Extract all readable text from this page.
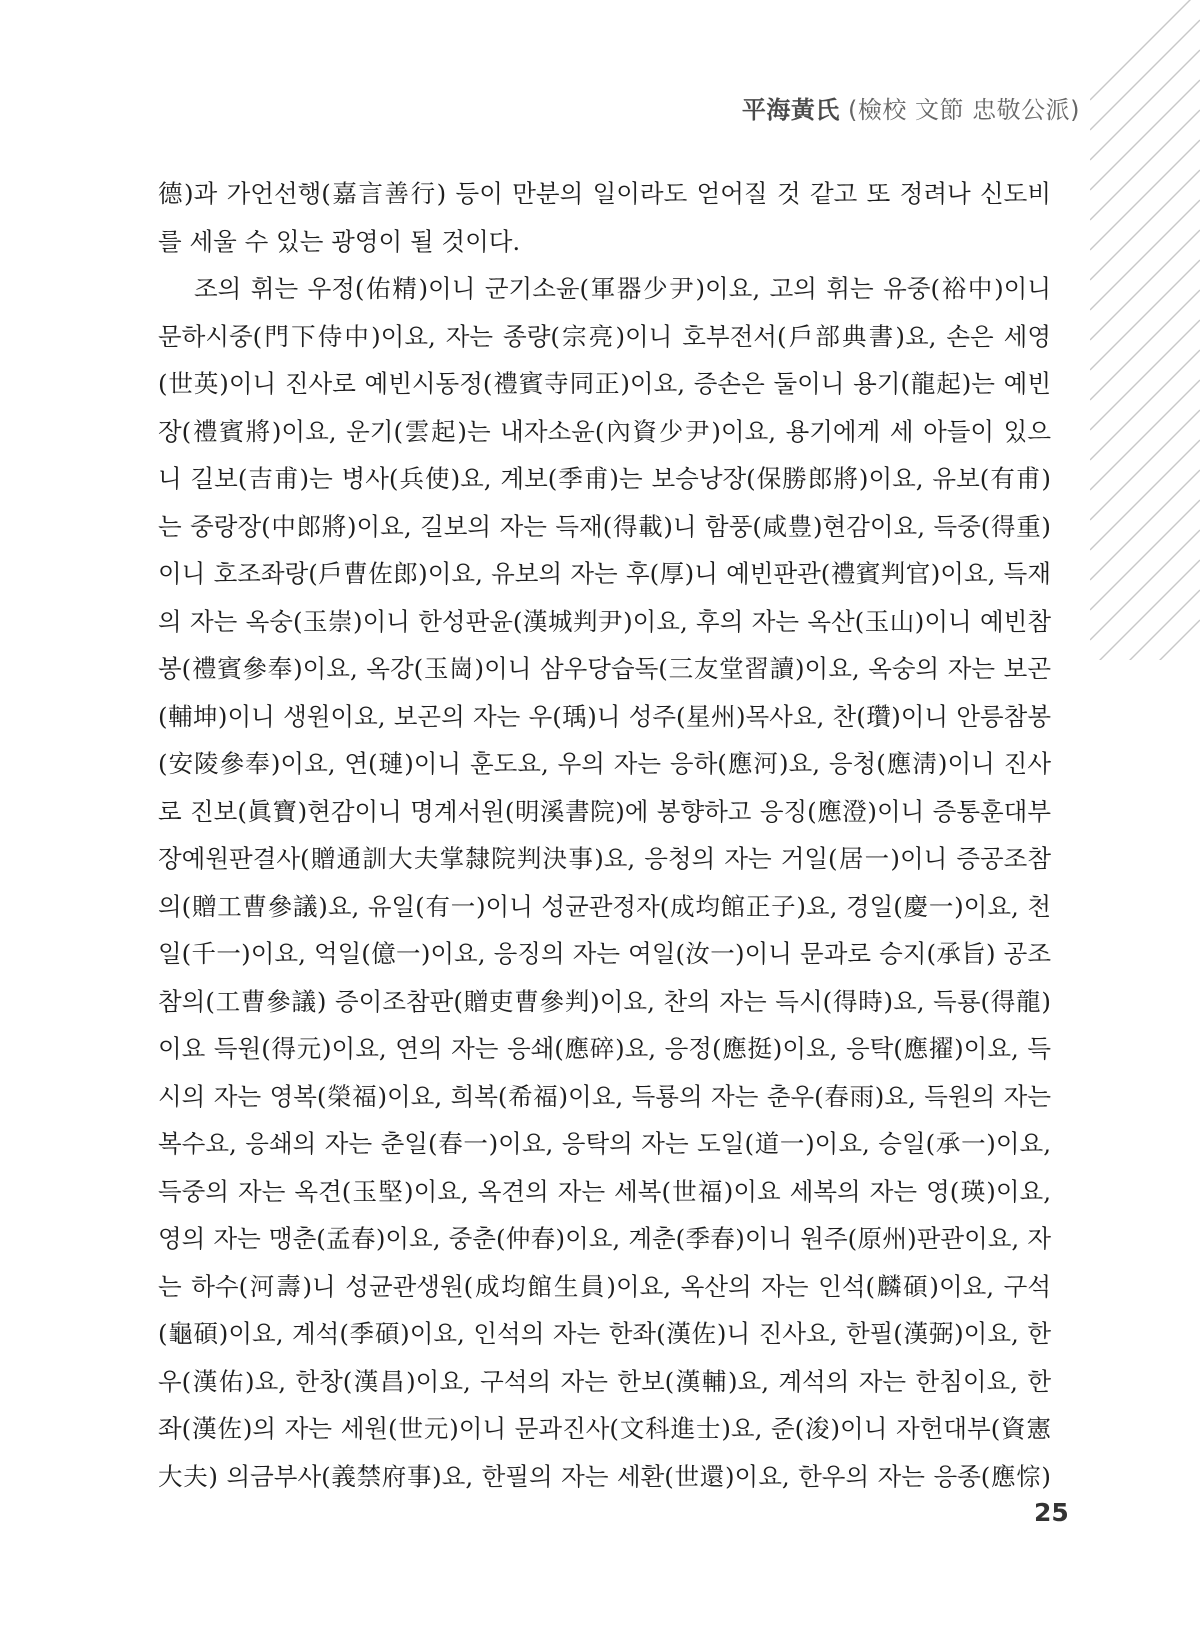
平海黃氏 (檢校 文節 忠敬公派)
德)과 가언선행(嘉言善行) 등이 만분의 일이라도 얻어질 것 같고 또 정려나 신도비
를 세울 수 있는 광영이 될 것이다.
조의 휘는 우정(佑精)이니 군기소윤(軍器少尹)이요, 고의 휘는 유중(裕中)이니
문하시중(門下侍中)이요, 자는 종량(宗亮)이니 호부전서(戶部典書)요, 손은 세영
(世英)이니 진사로 예빈시동정(禮賓寺同正)이요, 증손은 둘이니 용기(龍起)는 예빈
장(禮賓將)이요, 운기(雲起)는 내자소윤(內資少尹)이요, 용기에게 세 아들이 있으
니 길보(吉甫)는 병사(兵使)요, 계보(季甫)는 보승낭장(保勝郎將)이요, 유보(有甫)
는 중랑장(中郎將)이요, 길보의 자는 득재(得載)니 함풍(咸豊)현감이요, 득중(得重)
이니 호조좌랑(戶曹佐郎)이요, 유보의 자는 후(厚)니 예빈판관(禮賓判官)이요, 득재
의 자는 옥숭(玉崇)이니 한성판윤(漢城判尹)이요, 후의 자는 옥산(玉山)이니 예빈참
봉(禮賓參奉)이요, 옥강(玉崗)이니 삼우당습독(三友堂習讀)이요, 옥숭의 자는 보곤
(輔坤)이니 생원이요, 보곤의 자는 우(瑀)니 성주(星州)목사요, 찬(瓚)이니 안릉참봉
(安陵參奉)이요, 연(璉)이니 훈도요, 우의 자는 응하(應河)요, 응청(應淸)이니 진사
로 진보(眞寶)현감이니 명계서원(明溪書院)에 봉향하고 응징(應澄)이니 증통훈대부
장예원판결사(贈通訓大夫掌隸院判決事)요, 응청의 자는 거일(居一)이니 증공조참
의(贈工曹參議)요, 유일(有一)이니 성균관정자(成均館正子)요, 경일(慶一)이요, 천
일(千一)이요, 억일(億一)이요, 응징의 자는 여일(汝一)이니 문과로 승지(承旨) 공조
참의(工曹參議) 증이조참판(贈吏曹參判)이요, 찬의 자는 득시(得時)요, 득룡(得龍)
이요 득원(得元)이요, 연의 자는 응쇄(應碎)요, 응정(應挺)이요, 응탁(應擢)이요, 득
시의 자는 영복(榮福)이요, 희복(希福)이요, 득룡의 자는 춘우(春雨)요, 득원의 자는
복수요, 응쇄의 자는 춘일(春一)이요, 응탁의 자는 도일(道一)이요, 승일(承一)이요,
득중의 자는 옥견(玉堅)이요, 옥견의 자는 세복(世福)이요 세복의 자는 영(瑛)이요,
영의 자는 맹춘(孟春)이요, 중춘(仲春)이요, 계춘(季春)이니 원주(原州)판관이요, 자
는 하수(河壽)니 성균관생원(成均館生員)이요, 옥산의 자는 인석(麟碩)이요, 구석
(龜碩)이요, 계석(季碩)이요, 인석의 자는 한좌(漢佐)니 진사요, 한필(漢弼)이요, 한
우(漢佑)요, 한창(漢昌)이요, 구석의 자는 한보(漢輔)요, 계석의 자는 한침이요, 한
좌(漢佐)의 자는 세원(世元)이니 문과진사(文科進士)요, 준(浚)이니 자헌대부(資憲
大夫) 의금부사(義禁府事)요, 한필의 자는 세환(世還)이요, 한우의 자는 응종(應悰)
25
